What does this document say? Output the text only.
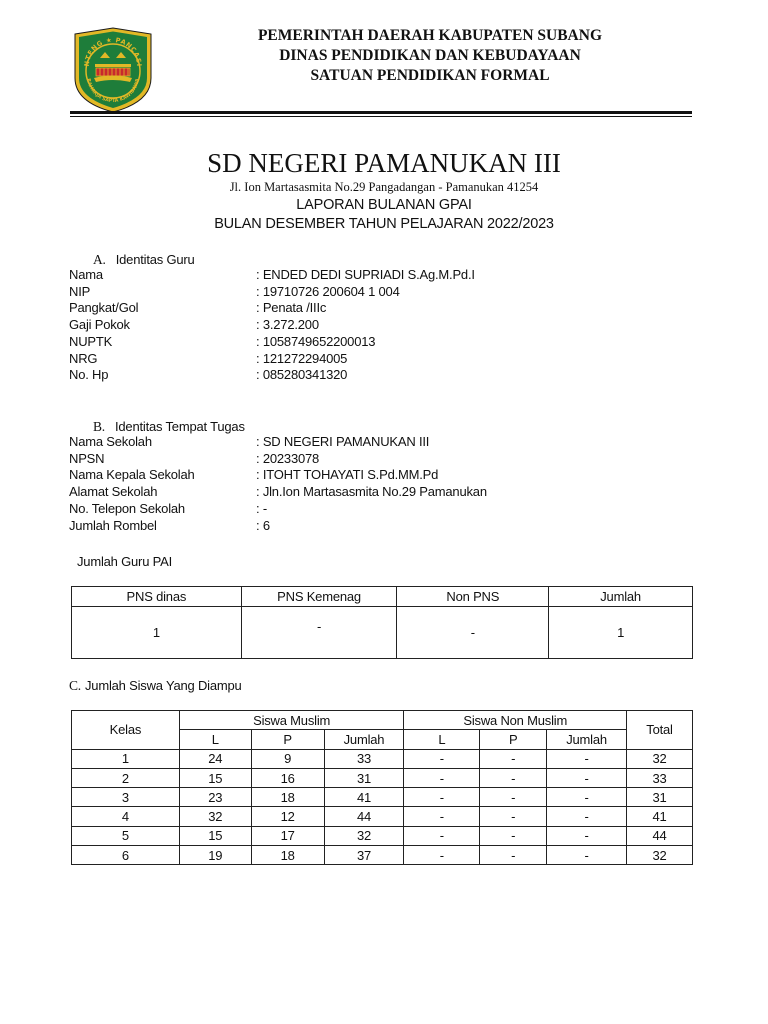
NTENG ★ PANCASI
RAHARJA SAPTA KAWIBAWA
PEMERINTAH DAERAH KABUPATEN SUBANG
DINAS PENDIDIKAN DAN KEBUDAYAAN
SATUAN PENDIDIKAN FORMAL
SD NEGERI PAMANUKAN III
Jl. Ion Martasasmita No.29 Pangadangan - Pamanukan 41254
LAPORAN BULANAN GPAI
BULAN DESEMBER TAHUN PELAJARAN 2022/2023
A. Identitas Guru
Nama	: ENDED DEDI SUPRIADI S.Ag.M.Pd.I
NIP	: 19710726 200604 1 004
Pangkat/Gol	: Penata /IIIc
Gaji Pokok	: 3.272.200
NUPTK	: 1058749652200013
NRG	: 121272294005
No. Hp	: 085280341320
B. Identitas Tempat Tugas
Nama Sekolah	: SD NEGERI PAMANUKAN III
NPSN	: 20233078
Nama Kepala Sekolah	: ITOHT TOHAYATI S.Pd.MM.Pd
Alamat Sekolah	: Jln.Ion Martasasmita No.29 Pamanukan
No. Telepon Sekolah	: -
Jumlah Rombel	: 6
Jumlah Guru PAI
PNS dinas	PNS Kemenag	Non PNS	Jumlah
1	-	-	1
C. Jumlah Siswa Yang Diampu
Kelas	Siswa Muslim			Siswa Non Muslim			Total
	L	P	Jumlah	L	P	Jumlah	
1	24	9	33	-	-	-	32
2	15	16	31	-	-	-	33
3	23	18	41	-	-	-	31
4	32	12	44	-	-	-	41
5	15	17	32	-	-	-	44
6	19	18	37	-	-	-	32
